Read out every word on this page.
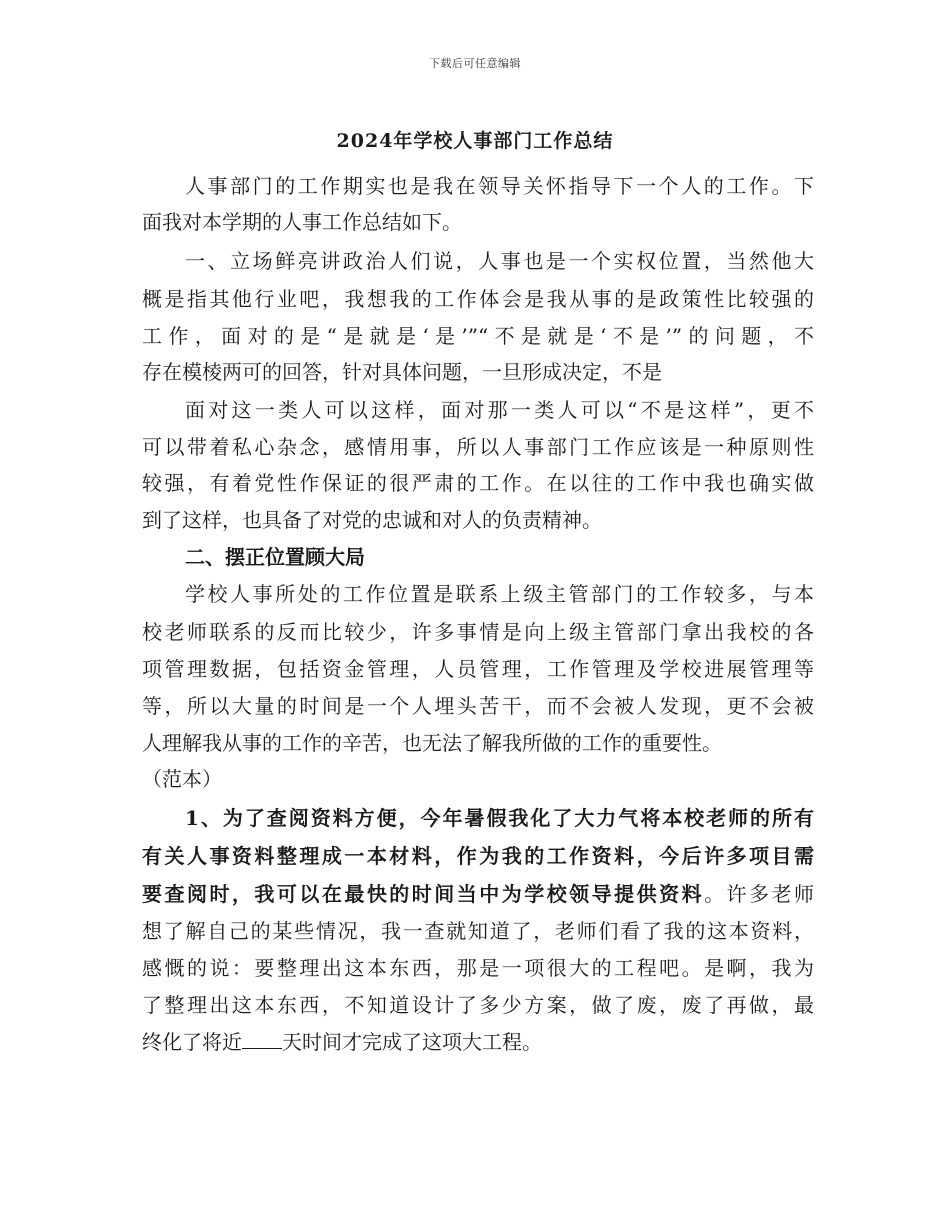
下载后可任意编辑
2024年学校人事部门工作总结
人事部门的工作期实也是我在领导关怀指导下一个人的工作。下
面我对本学期的人事工作总结如下。
一、立场鲜亮讲政治人们说，人事也是一个实权位置，当然他大
概是指其他行业吧，我想我的工作体会是我从事的是政策性比较强的
工作，面对的是“是就是‘是’”“不是就是‘不是’”的问题，不
存在模棱两可的回答，针对具体问题，一旦形成决定，不是
面对这一类人可以这样，面对那一类人可以“不是这样”，更不
可以带着私心杂念，感情用事，所以人事部门工作应该是一种原则性
较强，有着党性作保证的很严肃的工作。在以往的工作中我也确实做
到了这样，也具备了对党的忠诚和对人的负责精神。
二、摆正位置顾大局
学校人事所处的工作位置是联系上级主管部门的工作较多，与本
校老师联系的反而比较少，许多事情是向上级主管部门拿出我校的各
项管理数据，包括资金管理，人员管理，工作管理及学校进展管理等
等，所以大量的时间是一个人埋头苦干，而不会被人发现，更不会被
人理解我从事的工作的辛苦，也无法了解我所做的工作的重要性。
（范本）
1、为了查阅资料方便，今年暑假我化了大力气将本校老师的所有
有关人事资料整理成一本材料，作为我的工作资料，今后许多项目需
要查阅时，我可以在最快的时间当中为学校领导提供资料。许多老师
想了解自己的某些情况，我一查就知道了，老师们看了我的这本资料，
感慨的说：要整理出这本东西，那是一项很大的工程吧。是啊，我为
了整理出这本东西，不知道设计了多少方案，做了废，废了再做，最
终化了将近 天时间才完成了这项大工程。
